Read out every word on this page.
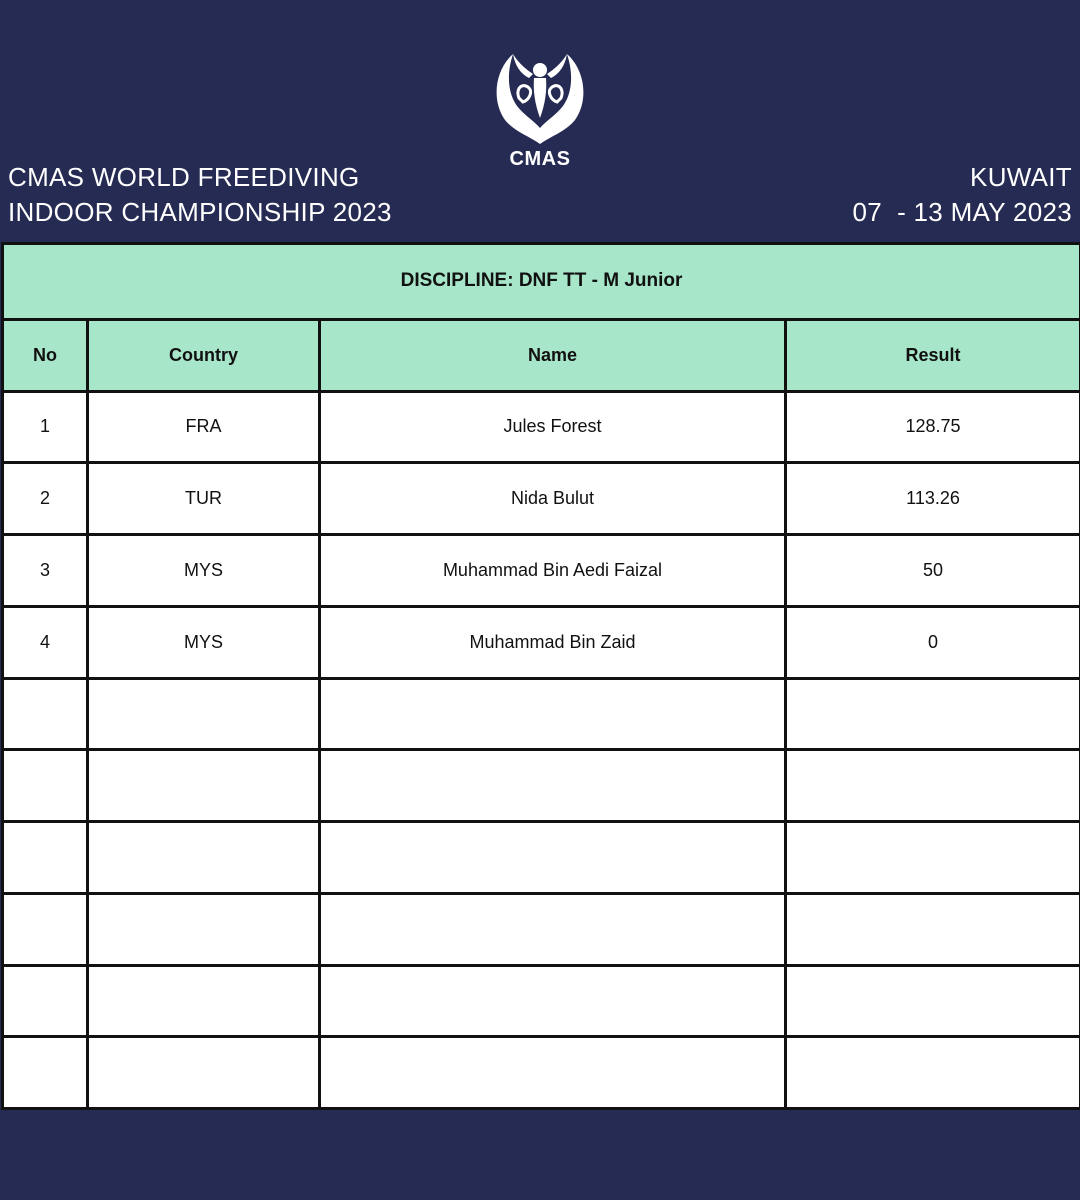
CMAS WORLD FREEDIVING
INDOOR CHAMPIONSHIP 2023
CMAS
KUWAIT
07  - 13 MAY 2023
DISCIPLINE: DNF TT - M Junior			
No	Country	Name	Result
1	FRA	Jules Forest	128.75
2	TUR	Nida Bulut	113.26
3	MYS	Muhammad Bin Aedi Faizal	50
4	MYS	Muhammad Bin Zaid	0
